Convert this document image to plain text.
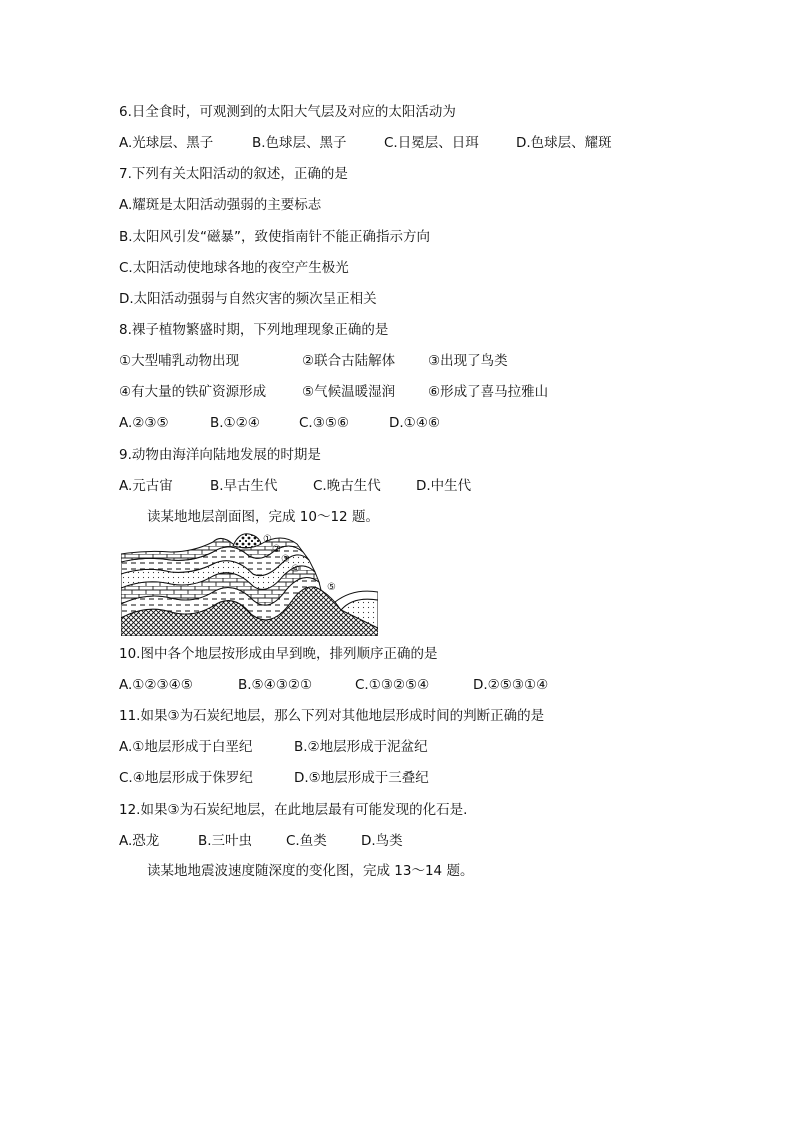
6.日全食时，可观测到的太阳大气层及对应的太阳活动为
A.光球层、黑子	B.色球层、黑子	C.日冕层、日珥	D.色球层、耀斑
7.下列有关太阳活动的叙述，正确的是
A.耀斑是太阳活动强弱的主要标志
B.太阳风引发“磁暴”，致使指南针不能正确指示方向
C.太阳活动使地球各地的夜空产生极光
D.太阳活动强弱与自然灾害的频次呈正相关
8.裸子植物繁盛时期，下列地理现象正确的是
①大型哺乳动物出现	②联合古陆解体 ③出现了鸟类
④有大量的铁矿资源形成	⑤气候温暖湿润 ⑥形成了喜马拉雅山
A.②③⑤	B.①②④	C.③⑤⑥	D.①④⑥
9.动物由海洋向陆地发展的时期是
A.元古宙	B.早古生代	C.晚古生代	D.中生代
读某地地层剖面图，完成 10～12 题。
①
②
③
④
⑤
10.图中各个地层按形成由早到晚，排列顺序正确的是
A.①②③④⑤	B.⑤④③②①	C.①③②⑤④	D.②⑤③①④
11.如果③为石炭纪地层，那么下列对其他地层形成时间的判断正确的是
A.①地层形成于白垩纪	B.②地层形成于泥盆纪
C.④地层形成于侏罗纪	D.⑤地层形成于三叠纪
12.如果③为石炭纪地层，在此地层最有可能发现的化石是.
A.恐龙	B.三叶虫	C.鱼类	D.鸟类
读某地地震波速度随深度的变化图，完成 13～14 题。
